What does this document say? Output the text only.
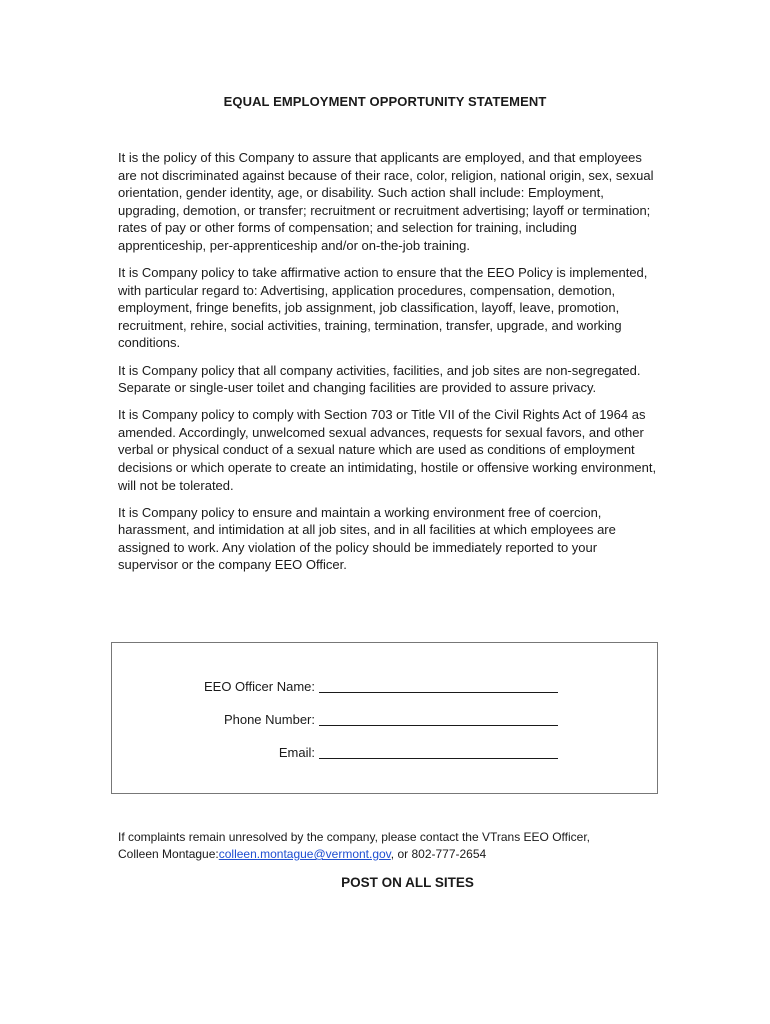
EQUAL EMPLOYMENT OPPORTUNITY STATEMENT

It is the policy of this Company to assure that applicants are employed, and that employees are not discriminated against because of their race, color, religion, national origin, sex, sexual orientation, gender identity, age, or disability. Such action shall include: Employment, upgrading, demotion, or transfer; recruitment or recruitment advertising; layoff or termination; rates of pay or other forms of compensation; and selection for training, including apprenticeship, per-apprenticeship and/or on-the-job training.

It is Company policy to take affirmative action to ensure that the EEO Policy is implemented, with particular regard to: Advertising, application procedures, compensation, demotion, employment, fringe benefits, job assignment, job classification, layoff, leave, promotion, recruitment, rehire, social activities, training, termination, transfer, upgrade, and working conditions.

It is Company policy that all company activities, facilities, and job sites are non-segregated. Separate or single-user toilet and changing facilities are provided to assure privacy.

It is Company policy to comply with Section 703 or Title VII of the Civil Rights Act of 1964 as amended. Accordingly, unwelcomed sexual advances, requests for sexual favors, and other verbal or physical conduct of a sexual nature which are used as conditions of employment decisions or which operate to create an intimidating, hostile or offensive working environment, will not be tolerated.

It is Company policy to ensure and maintain a working environment free of coercion, harassment, and intimidation at all job sites, and in all facilities at which employees are assigned to work. Any violation of the policy should be immediately reported to your supervisor or the company EEO Officer.

EEO Officer Name:
Phone Number:
Email:
If complaints remain unresolved by the company, please contact the VTrans EEO Officer,
Colleen Montague:colleen.montague@vermont.gov, or 802-777-2654
POST ON ALL SITES
